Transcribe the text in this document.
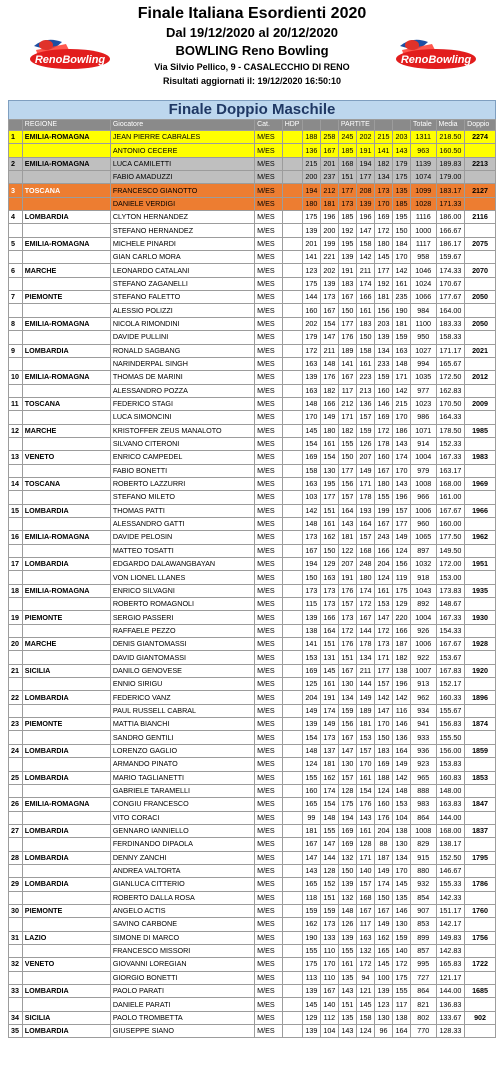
Finale Italiana Esordienti 2020
Dal 19/12/2020 al 20/12/2020
BOWLING Reno Bowling
Via Silvio Pellico, 9 - CASALECCHIO DI RENO
Risultati aggiornati il: 19/12/2020 16:50:10
RenoBowling	RenoBowling
Finale Doppio Maschile
	REGIONE	Giocatore	Cat.	HDP			PARTITE				Totale	Media	Doppio
1	EMILIA-ROMAGNA	JEAN PIERRE CABRALES	M/ES		188	258	245	202	215	203	1311	218.50	2274
		ANTONIO CECERE	M/ES		136	167	185	191	141	143	963	160.50	
2	EMILIA-ROMAGNA	LUCA CAMILETTI	M/ES		215	201	168	194	182	179	1139	189.83	2213
		FABIO AMADUZZI	M/ES		200	237	151	177	134	175	1074	179.00	
3	TOSCANA	FRANCESCO GIANOTTO	M/ES		194	212	177	208	173	135	1099	183.17	2127
		DANIELE VERDIGI	M/ES		180	181	173	139	170	185	1028	171.33	
4	LOMBARDIA	CLYTON HERNANDEZ	M/ES		175	196	185	196	169	195	1116	186.00	2116
		STEFANO HERNANDEZ	M/ES		139	200	192	147	172	150	1000	166.67	
5	EMILIA-ROMAGNA	MICHELE PINARDI	M/ES		201	199	195	158	180	184	1117	186.17	2075
		GIAN CARLO MORA	M/ES		141	221	139	142	145	170	958	159.67	
6	MARCHE	LEONARDO CATALANI	M/ES		123	202	191	211	177	142	1046	174.33	2070
		STEFANO ZAGANELLI	M/ES		175	139	183	174	192	161	1024	170.67	
7	PIEMONTE	STEFANO FALETTO	M/ES		144	173	167	166	181	235	1066	177.67	2050
		ALESSIO POLIZZI	M/ES		160	167	150	161	156	190	984	164.00	
8	EMILIA-ROMAGNA	NICOLA RIMONDINI	M/ES		202	154	177	183	203	181	1100	183.33	2050
		DAVIDE PULLINI	M/ES		179	147	176	150	139	159	950	158.33	
9	LOMBARDIA	RONALD SAGBANG	M/ES		172	211	189	158	134	163	1027	171.17	2021
		NARINDERPAL SINGH	M/ES		163	148	141	161	233	148	994	165.67	
10	EMILIA-ROMAGNA	THOMAS DE MARINI	M/ES		139	176	167	223	159	171	1035	172.50	2012
		ALESSANDRO POZZA	M/ES		163	182	117	213	160	142	977	162.83	
11	TOSCANA	FEDERICO STAGI	M/ES		148	166	212	136	146	215	1023	170.50	2009
		LUCA SIMONCINI	M/ES		170	149	171	157	169	170	986	164.33	
12	MARCHE	KRISTOFFER ZEUS MANALOTO	M/ES		145	180	182	159	172	186	1071	178.50	1985
		SILVANO CITERONI	M/ES		154	161	155	126	178	143	914	152.33	
13	VENETO	ENRICO CAMPEDEL	M/ES		169	154	150	207	160	174	1004	167.33	1983
		FABIO BONETTI	M/ES		158	130	177	149	167	170	979	163.17	
14	TOSCANA	ROBERTO LAZZURRI	M/ES		163	195	156	171	180	143	1008	168.00	1969
		STEFANO MILETO	M/ES		103	177	157	178	155	196	966	161.00	
15	LOMBARDIA	THOMAS PATTI	M/ES		142	151	164	193	199	157	1006	167.67	1966
		ALESSANDRO GATTI	M/ES		148	161	143	164	167	177	960	160.00	
16	EMILIA-ROMAGNA	DAVIDE PELOSIN	M/ES		173	162	181	157	243	149	1065	177.50	1962
		MATTEO TOSATTI	M/ES		167	150	122	168	166	124	897	149.50	
17	LOMBARDIA	EDGARDO DALAWANGBAYAN	M/ES		194	129	207	248	204	156	1032	172.00	1951
		VON LIONEL LLANES	M/ES		150	163	191	180	124	119	918	153.00	
18	EMILIA-ROMAGNA	ENRICO SILVAGNI	M/ES		173	173	176	174	161	175	1043	173.83	1935
		ROBERTO ROMAGNOLI	M/ES		115	173	157	172	153	129	892	148.67	
19	PIEMONTE	SERGIO PASSERI	M/ES		139	166	173	167	147	220	1004	167.33	1930
		RAFFAELE PEZZO	M/ES		138	164	172	144	172	166	926	154.33	
20	MARCHE	DENIS GIANTOMASSI	M/ES		141	151	176	178	173	187	1006	167.67	1928
		DAVID GIANTOMASSI	M/ES		153	131	151	134	171	182	922	153.67	
21	SICILIA	DANILO GENOVESE	M/ES		169	145	167	211	177	138	1007	167.83	1920
		ENNIO SIRIGU	M/ES		125	161	130	144	157	196	913	152.17	
22	LOMBARDIA	FEDERICO VANZ	M/ES		204	191	134	149	142	142	962	160.33	1896
		PAUL RUSSELL CABRAL	M/ES		149	174	159	189	147	116	934	155.67	
23	PIEMONTE	MATTIA BIANCHI	M/ES		139	149	156	181	170	146	941	156.83	1874
		SANDRO GENTILI	M/ES		154	173	167	153	150	136	933	155.50	
24	LOMBARDIA	LORENZO GAGLIO	M/ES		148	137	147	157	183	164	936	156.00	1859
		ARMANDO PINATO	M/ES		124	181	130	170	169	149	923	153.83	
25	LOMBARDIA	MARIO TAGLIANETTI	M/ES		155	162	157	161	188	142	965	160.83	1853
		GABRIELE TARAMELLI	M/ES		160	174	128	154	124	148	888	148.00	
26	EMILIA-ROMAGNA	CONGIU FRANCESCO	M/ES		165	154	175	176	160	153	983	163.83	1847
		VITO CORACI	M/ES		99	148	194	143	176	104	864	144.00	
27	LOMBARDIA	GENNARO IANNIELLO	M/ES		181	155	169	161	204	138	1008	168.00	1837
		FERDINANDO DIPAOLA	M/ES		167	147	169	128	88	130	829	138.17	
28	LOMBARDIA	DENNY ZANCHI	M/ES		147	144	132	171	187	134	915	152.50	1795
		ANDREA VALTORTA	M/ES		143	128	150	140	149	170	880	146.67	
29	LOMBARDIA	GIANLUCA CITTERIO	M/ES		165	152	139	157	174	145	932	155.33	1786
		ROBERTO DALLA ROSA	M/ES		118	151	132	168	150	135	854	142.33	
30	PIEMONTE	ANGELO ACTIS	M/ES		159	159	148	167	167	146	907	151.17	1760
		SAVINO CARBONE	M/ES		162	173	126	117	149	130	853	142.17	
31	LAZIO	SIMONE DI MARCO	M/ES		190	133	139	163	162	159	899	149.83	1756
		FRANCESCO MISSORI	M/ES		155	110	155	132	165	140	857	142.83	
32	VENETO	GIOVANNI LOREGIAN	M/ES		175	170	161	172	145	172	995	165.83	1722
		GIORGIO BONETTI	M/ES		113	110	135	94	100	175	727	121.17	
33	LOMBARDIA	PAOLO PARATI	M/ES		139	167	143	121	139	155	864	144.00	1685
		DANIELE PARATI	M/ES		145	140	151	145	123	117	821	136.83	
34	SICILIA	PAOLO TROMBETTA	M/ES		129	112	135	158	130	138	802	133.67	902
35	LOMBARDIA	GIUSEPPE SIANO	M/ES		139	104	143	124	96	164	770	128.33	
